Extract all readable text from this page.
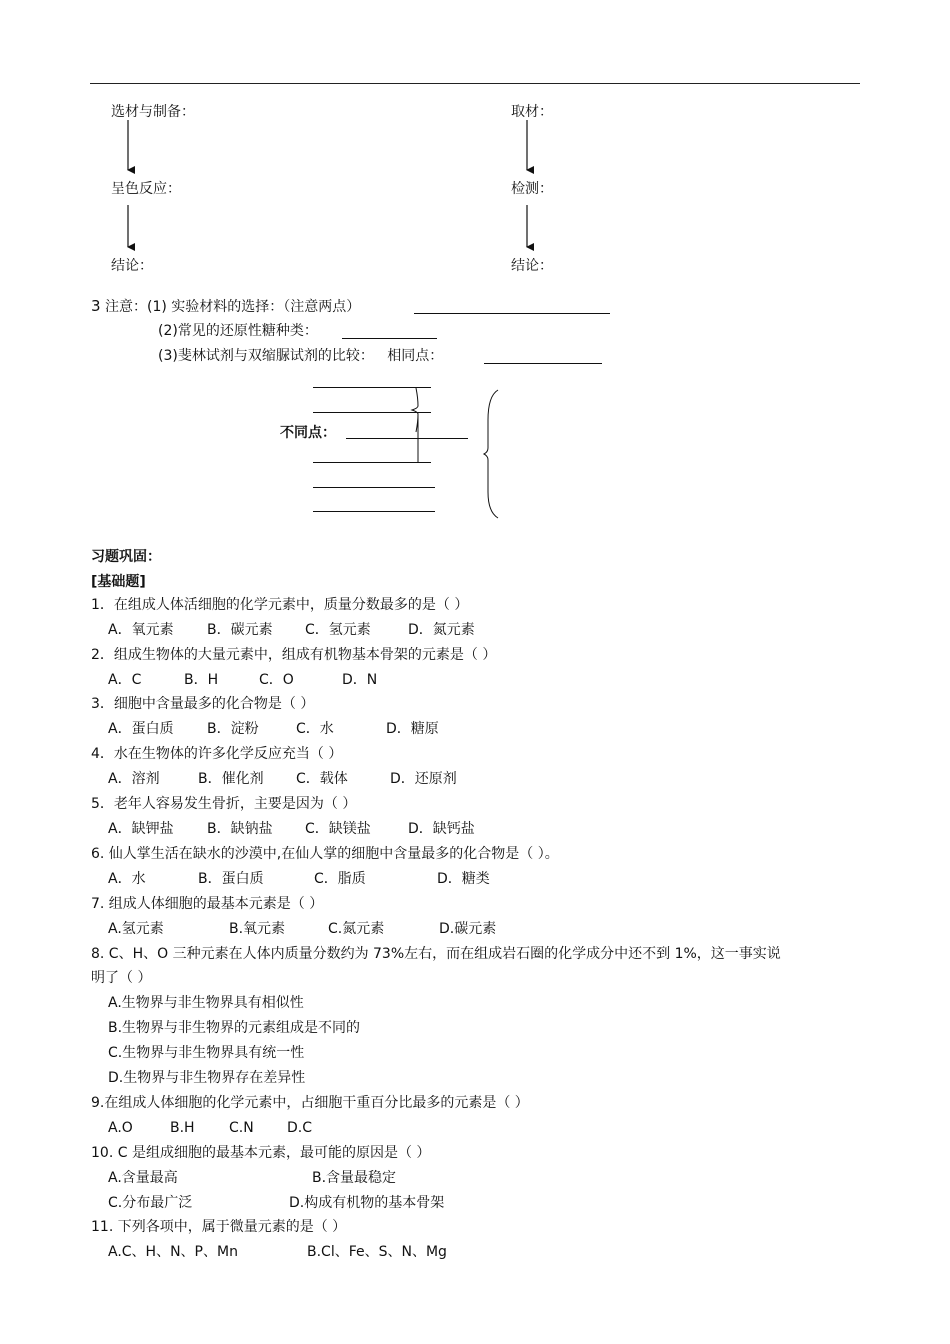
选材与制备：
呈色反应：
结论：
取材：
检测：
结论：
3 注意：(1) 实验材料的选择：（注意两点）
(2)常见的还原性糖种类：
(3)斐林试剂与双缩脲试剂的比较： 相同点：
不同点：
习题巩固：
[基础题]
1．在组成人体活细胞的化学元素中，质量分数最多的是（ ）
A．氧元素 B．碳元素 C．氢元素	D．氮元素
2．组成生物体的大量元素中，组成有机物基本骨架的元素是（ ）
A．C	B．H	C．O	D．N
3．细胞中含量最多的化合物是（ ）
A．蛋白质 B．淀粉	C．水	D．糖原
4．水在生物体的许多化学反应充当（ ）
A．溶剂	B．催化剂 C．载体	D．还原剂
5．老年人容易发生骨折，主要是因为（ ）
A．缺钾盐 B．缺钠盐 C．缺镁盐	D．缺钙盐
6. 仙人掌生活在缺水的沙漠中,在仙人掌的细胞中含量最多的化合物是（ ）。
A．水	B．蛋白质	C．脂质	D．糖类
7. 组成人体细胞的最基本元素是（ ）
A.氢元素	B.氧元素	C.氮元素	D.碳元素
8. C、H、O 三种元素在人体内质量分数约为 73%左右，而在组成岩石圈的化学成分中还不到 1%，这一事实说
明了（ ）
A.生物界与非生物界具有相似性
B.生物界与非生物界的元素组成是不同的
C.生物界与非生物界具有统一性
D.生物界与非生物界存在差异性
9.在组成人体细胞的化学元素中，占细胞干重百分比最多的元素是（ ）
A.O	B.H C.N D.C
10. C 是组成细胞的最基本元素，最可能的原因是（ ）
A.含量最高	B.含量最稳定
C.分布最广泛	D.构成有机物的基本骨架
11. 下列各项中，属于微量元素的是（ ）
A.C、H、N、P、Mn	B.Cl、Fe、S、N、Mg
